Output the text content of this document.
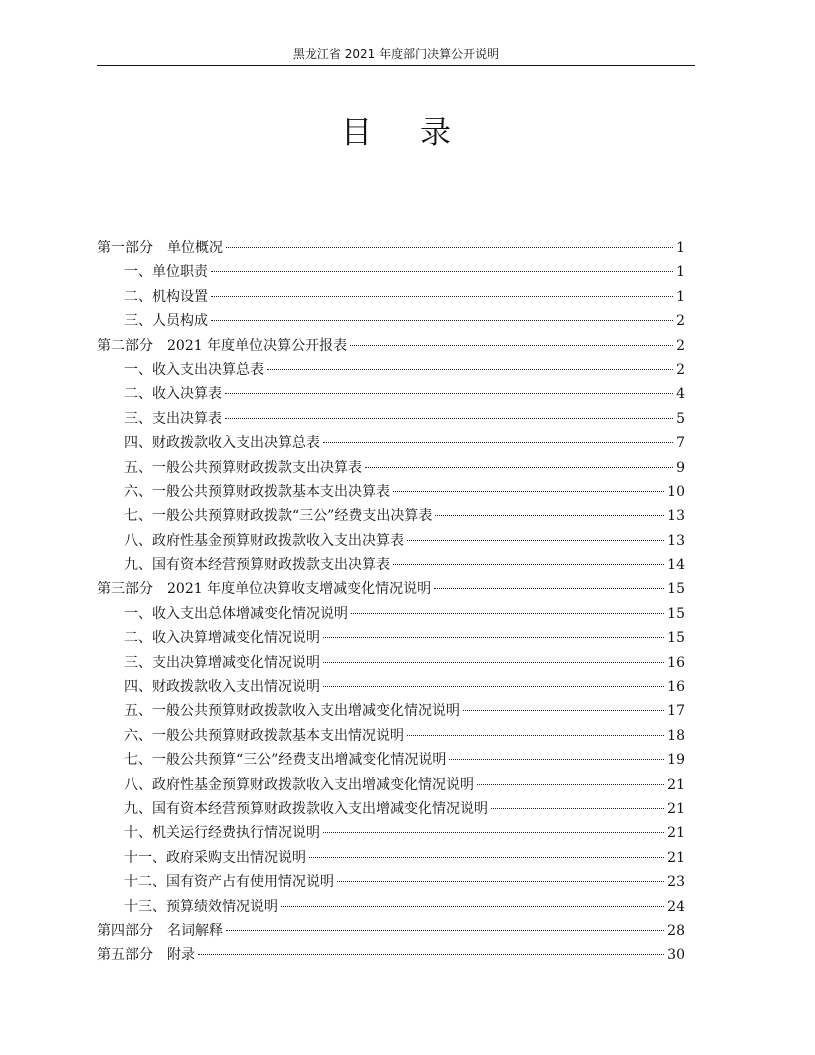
黑龙江省 2021 年度部门决算公开说明
目录
第一部分　单位概况	1
一、单位职责	1
二、机构设置	1
三、人员构成	2
第二部分　2021 年度单位决算公开报表	2
一、收入支出决算总表	2
二、收入决算表	4
三、支出决算表	5
四、财政拨款收入支出决算总表	7
五、一般公共预算财政拨款支出决算表	9
六、一般公共预算财政拨款基本支出决算表	10
七、一般公共预算财政拨款“三公”经费支出决算表	13
八、政府性基金预算财政拨款收入支出决算表	13
九、国有资本经营预算财政拨款支出决算表	14
第三部分　2021 年度单位决算收支增减变化情况说明	15
一、收入支出总体增减变化情况说明	15
二、收入决算增减变化情况说明	15
三、支出决算增减变化情况说明	16
四、财政拨款收入支出情况说明	16
五、一般公共预算财政拨款收入支出增减变化情况说明	17
六、一般公共预算财政拨款基本支出情况说明	18
七、一般公共预算“三公”经费支出增减变化情况说明	19
八、政府性基金预算财政拨款收入支出增减变化情况说明	21
九、国有资本经营预算财政拨款收入支出增减变化情况说明	21
十、机关运行经费执行情况说明	21
十一、政府采购支出情况说明	21
十二、国有资产占有使用情况说明	23
十三、预算绩效情况说明	24
第四部分　名词解释	28
第五部分　附录	30
